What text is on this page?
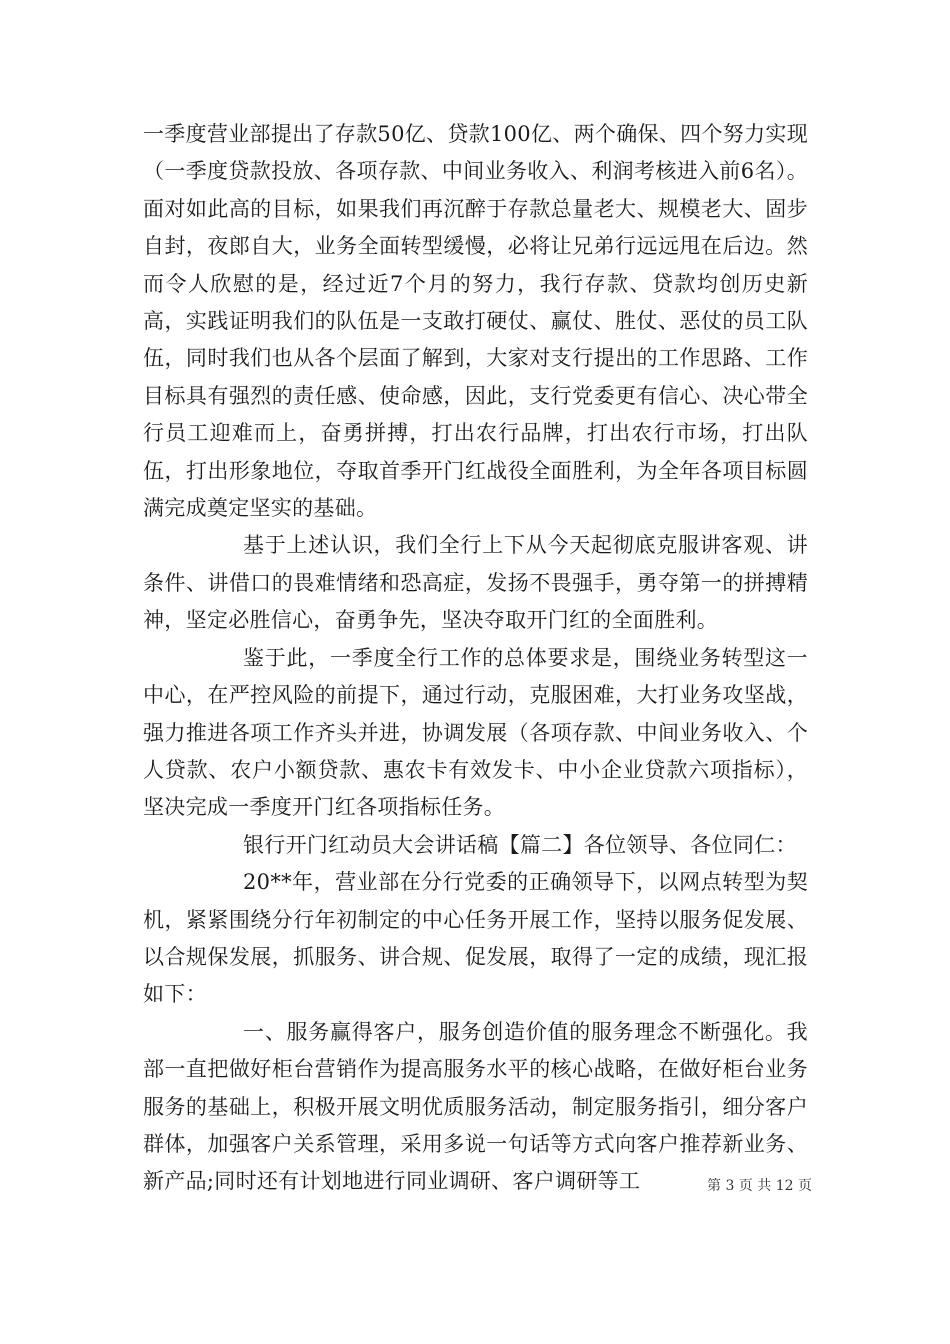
一季度营业部提出了存款50亿、贷款100亿、两个确保、四个努力实现（一季度贷款投放、各项存款、中间业务收入、利润考核进入前6名）。面对如此高的目标，如果我们再沉醉于存款总量老大、规模老大、固步自封，夜郎自大，业务全面转型缓慢，必将让兄弟行远远甩在后边。然而令人欣慰的是，经过近7个月的努力，我行存款、贷款均创历史新高，实践证明我们的队伍是一支敢打硬仗、赢仗、胜仗、恶仗的员工队伍，同时我们也从各个层面了解到，大家对支行提出的工作思路、工作目标具有强烈的责任感、使命感，因此，支行党委更有信心、决心带全行员工迎难而上，奋勇拼搏，打出农行品牌，打出农行市场，打出队伍，打出形象地位，夺取首季开门红战役全面胜利，为全年各项目标圆满完成奠定坚实的基础。

基于上述认识，我们全行上下从今天起彻底克服讲客观、讲条件、讲借口的畏难情绪和恐高症，发扬不畏强手，勇夺第一的拼搏精神，坚定必胜信心，奋勇争先，坚决夺取开门红的全面胜利。

鉴于此，一季度全行工作的总体要求是，围绕业务转型这一中心，在严控风险的前提下，通过行动，克服困难，大打业务攻坚战，强力推进各项工作齐头并进，协调发展（各项存款、中间业务收入、个人贷款、农户小额贷款、惠农卡有效发卡、中小企业贷款六项指标），坚决完成一季度开门红各项指标任务。

银行开门红动员大会讲话稿【篇二】各位领导、各位同仁：

20**年，营业部在分行党委的正确领导下，以网点转型为契机，紧紧围绕分行年初制定的中心任务开展工作，坚持以服务促发展、以合规保发展，抓服务、讲合规、促发展，取得了一定的成绩，现汇报如下：

一、服务赢得客户，服务创造价值的服务理念不断强化。我部一直把做好柜台营销作为提高服务水平的核心战略，在做好柜台业务服务的基础上，积极开展文明优质服务活动，制定服务指引，细分客户群体，加强客户关系管理，采用多说一句话等方式向客户推荐新业务、新产品;同时还有计划地进行同业调研、客户调研等工	第 3 页 共 12 页
